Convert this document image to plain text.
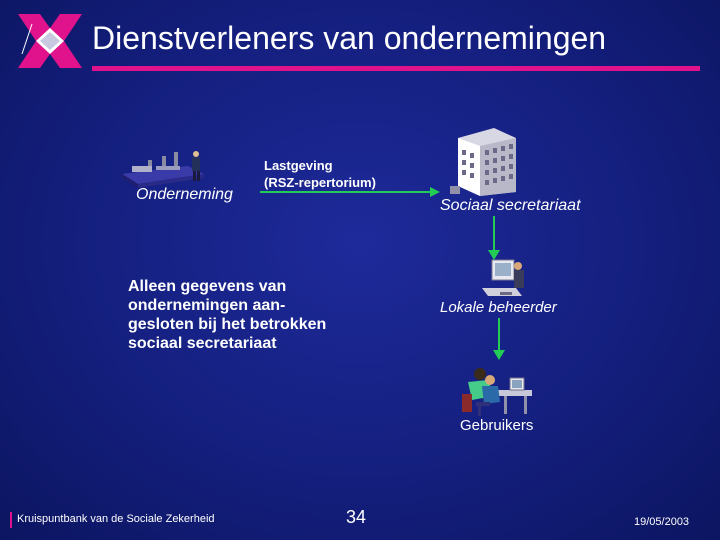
Dienstverleners van ondernemingen
Onderneming
Lastgeving
(RSZ-repertorium)
Sociaal secretariaat
Lokale beheerder
Gebruikers
Alleen gegevens van
ondernemingen aan-
gesloten bij het betrokken
sociaal secretariaat
Kruispuntbank van de Sociale Zekerheid	34	19/05/2003
